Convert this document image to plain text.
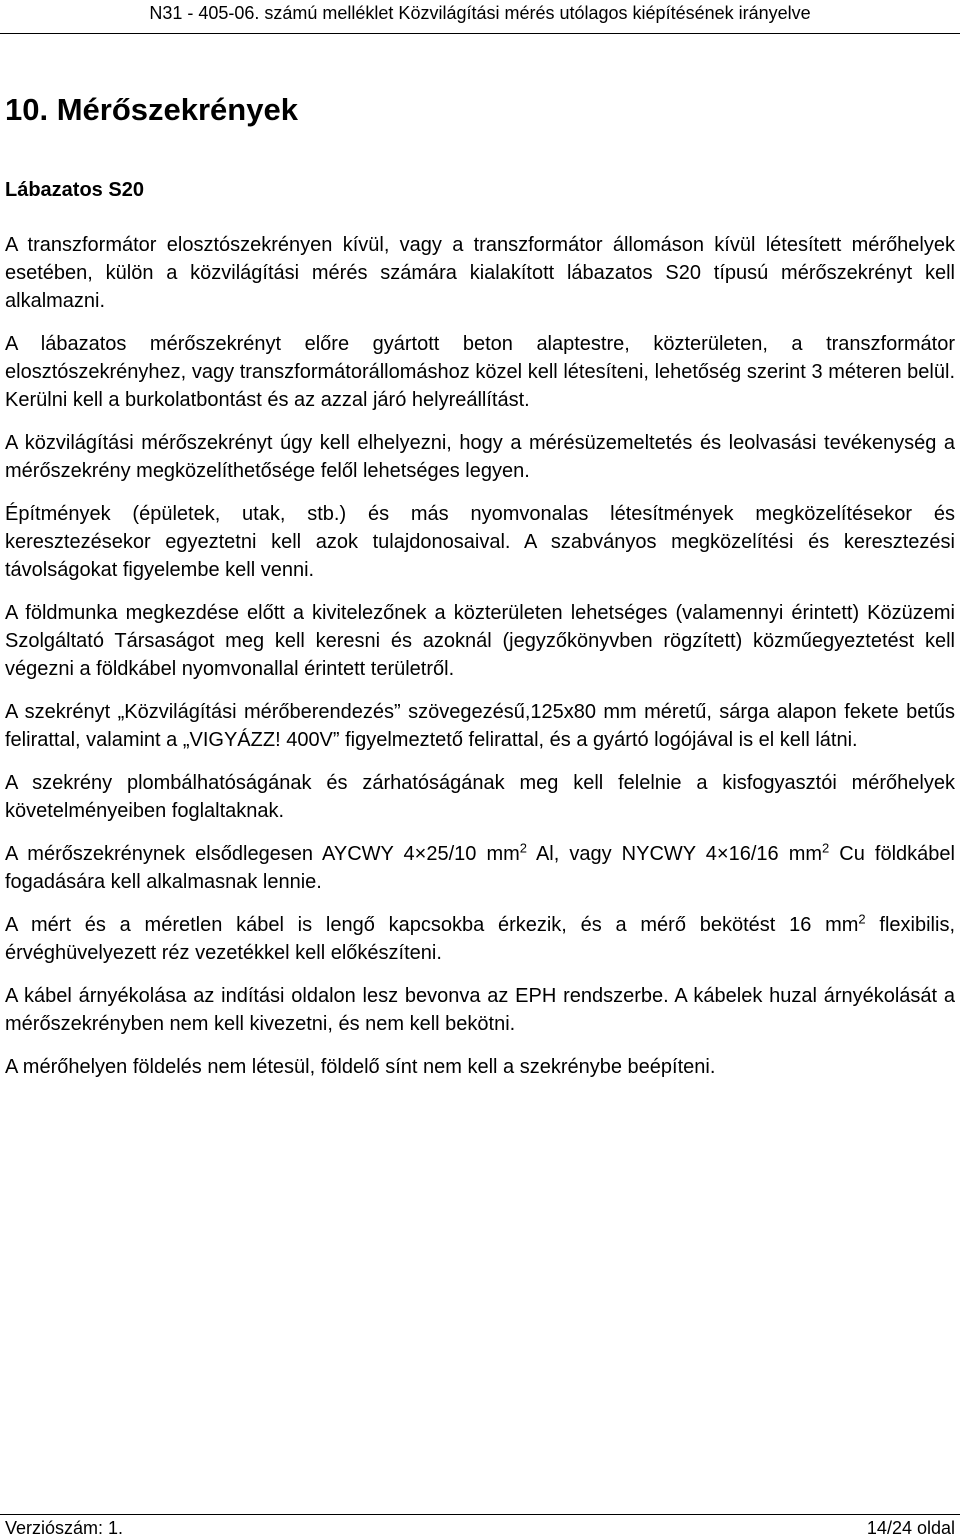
N31 - 405-06. számú melléklet Közvilágítási mérés utólagos kiépítésének irányelve
10. Mérőszekrények
Lábazatos S20

A transzformátor elosztószekrényen kívül, vagy a transzformátor állomáson kívül létesített mérőhelyek esetében, külön a közvilágítási mérés számára kialakított lábazatos S20 típusú mérőszekrényt kell alkalmazni.

A lábazatos mérőszekrényt előre gyártott beton alaptestre, közterületen, a transzformátor elosztószekrényhez, vagy transzformátorállomáshoz közel kell létesíteni, lehetőség szerint 3 méteren belül. Kerülni kell a burkolatbontást és az azzal járó helyreállítást.

A közvilágítási mérőszekrényt úgy kell elhelyezni, hogy a mérésüzemeltetés és leolvasási tevékenység a mérőszekrény megközelíthetősége felől lehetséges legyen.

Építmények (épületek, utak, stb.) és más nyomvonalas létesítmények megközelítésekor és keresztezésekor egyeztetni kell azok tulajdonosaival. A szabványos megközelítési és keresztezési távolságokat figyelembe kell venni.

A földmunka megkezdése előtt a kivitelezőnek a közterületen lehetséges (valamennyi érintett) Közüzemi Szolgáltató Társaságot meg kell keresni és azoknál (jegyzőkönyvben rögzített) közműegyeztetést kell végezni a földkábel nyomvonallal érintett területről.

A szekrényt „Közvilágítási mérőberendezés” szövegezésű,125x80 mm méretű, sárga alapon fekete betűs felirattal, valamint a „VIGYÁZZ! 400V” figyelmeztető felirattal, és a gyártó logójával is el kell látni.

A szekrény plombálhatóságának és zárhatóságának meg kell felelnie a kisfogyasztói mérőhelyek követelményeiben foglaltaknak.

A mérőszekrénynek elsődlegesen AYCWY 4×25/10 $mm^2$ Al, vagy NYCWY 4×16/16 $mm^2$ Cu földkábel fogadására kell alkalmasnak lennie.

A mért és a méretlen kábel is lengő kapcsokba érkezik, és a mérő bekötést 16 $mm^2$ flexibilis, érvéghüvelyezett réz vezetékkel kell előkészíteni.

A kábel árnyékolása az indítási oldalon lesz bevonva az EPH rendszerbe. A kábelek huzal árnyékolását a mérőszekrényben nem kell kivezetni, és nem kell bekötni.

A mérőhelyen földelés nem létesül, földelő sínt nem kell a szekrénybe beépíteni.

Verziószám: 1.	14/24 oldal
